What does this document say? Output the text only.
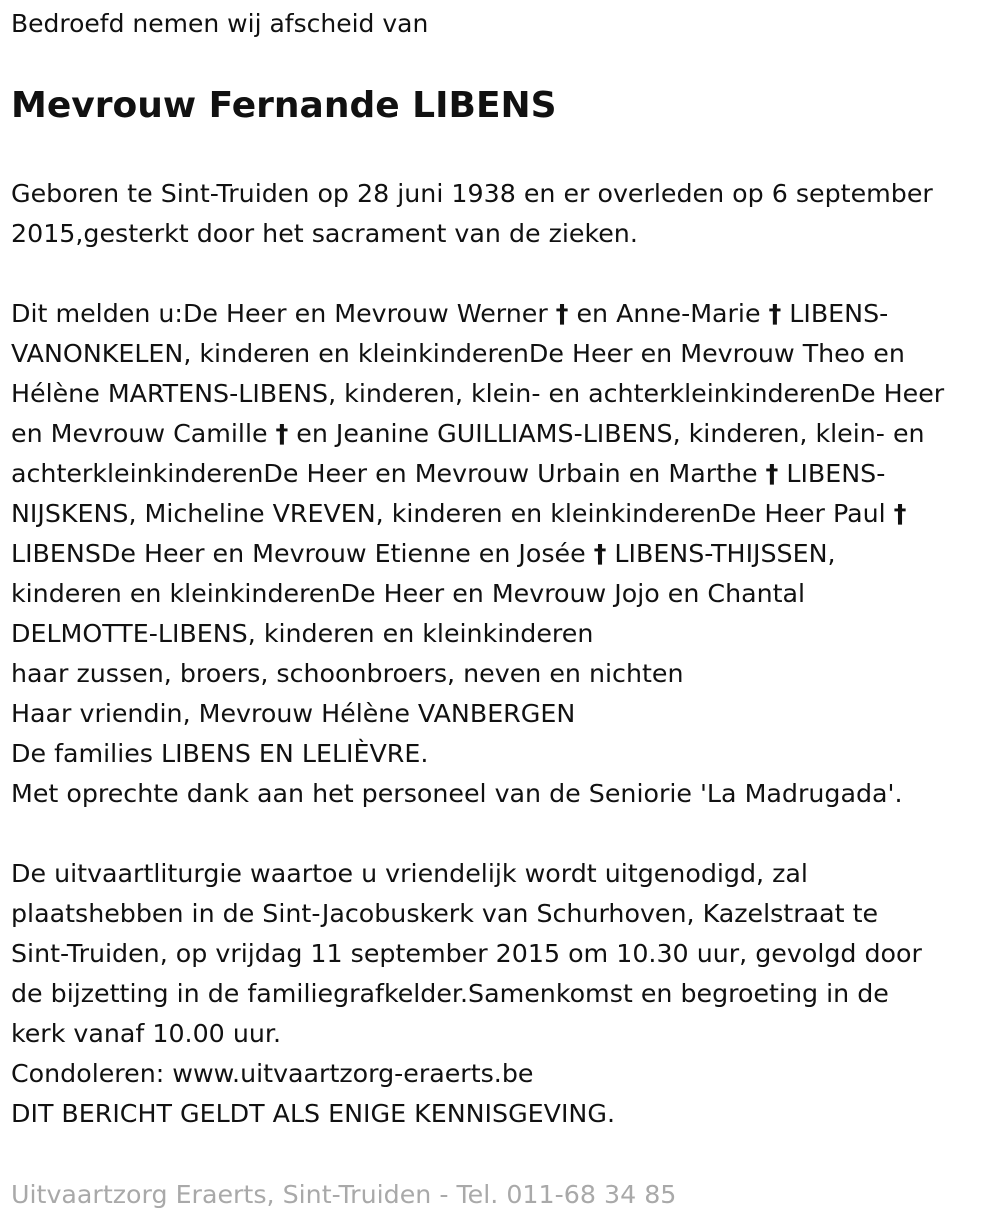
Bedroefd nemen wij afscheid van
Mevrouw Fernande LIBENS
Geboren te Sint-Truiden op 28 juni 1938 en er overleden op 6 september
2015,gesterkt door het sacrament van de zieken.
Dit melden u:De Heer en Mevrouw Werner † en Anne-Marie † LIBENS-
VANONKELEN, kinderen en kleinkinderenDe Heer en Mevrouw Theo en
Hélène MARTENS-LIBENS, kinderen, klein- en achterkleinkinderenDe Heer
en Mevrouw Camille † en Jeanine GUILLIAMS-LIBENS, kinderen, klein- en
achterkleinkinderenDe Heer en Mevrouw Urbain en Marthe † LIBENS-
NIJSKENS, Micheline VREVEN, kinderen en kleinkinderenDe Heer Paul †
LIBENSDe Heer en Mevrouw Etienne en Josée † LIBENS-THIJSSEN,
kinderen en kleinkinderenDe Heer en Mevrouw Jojo en Chantal
DELMOTTE-LIBENS, kinderen en kleinkinderen
haar zussen, broers, schoonbroers, neven en nichten
Haar vriendin, Mevrouw Hélène VANBERGEN
De families LIBENS EN LELIÈVRE.
Met oprechte dank aan het personeel van de Seniorie 'La Madrugada'.
De uitvaartliturgie waartoe u vriendelijk wordt uitgenodigd, zal
plaatshebben in de Sint-Jacobuskerk van Schurhoven, Kazelstraat te
Sint-Truiden, op vrijdag 11 september 2015 om 10.30 uur, gevolgd door
de bijzetting in de familiegrafkelder.Samenkomst en begroeting in de
kerk vanaf 10.00 uur.
Condoleren: www.uitvaartzorg-eraerts.be
DIT BERICHT GELDT ALS ENIGE KENNISGEVING.
Uitvaartzorg Eraerts, Sint-Truiden - Tel. 011-68 34 85
